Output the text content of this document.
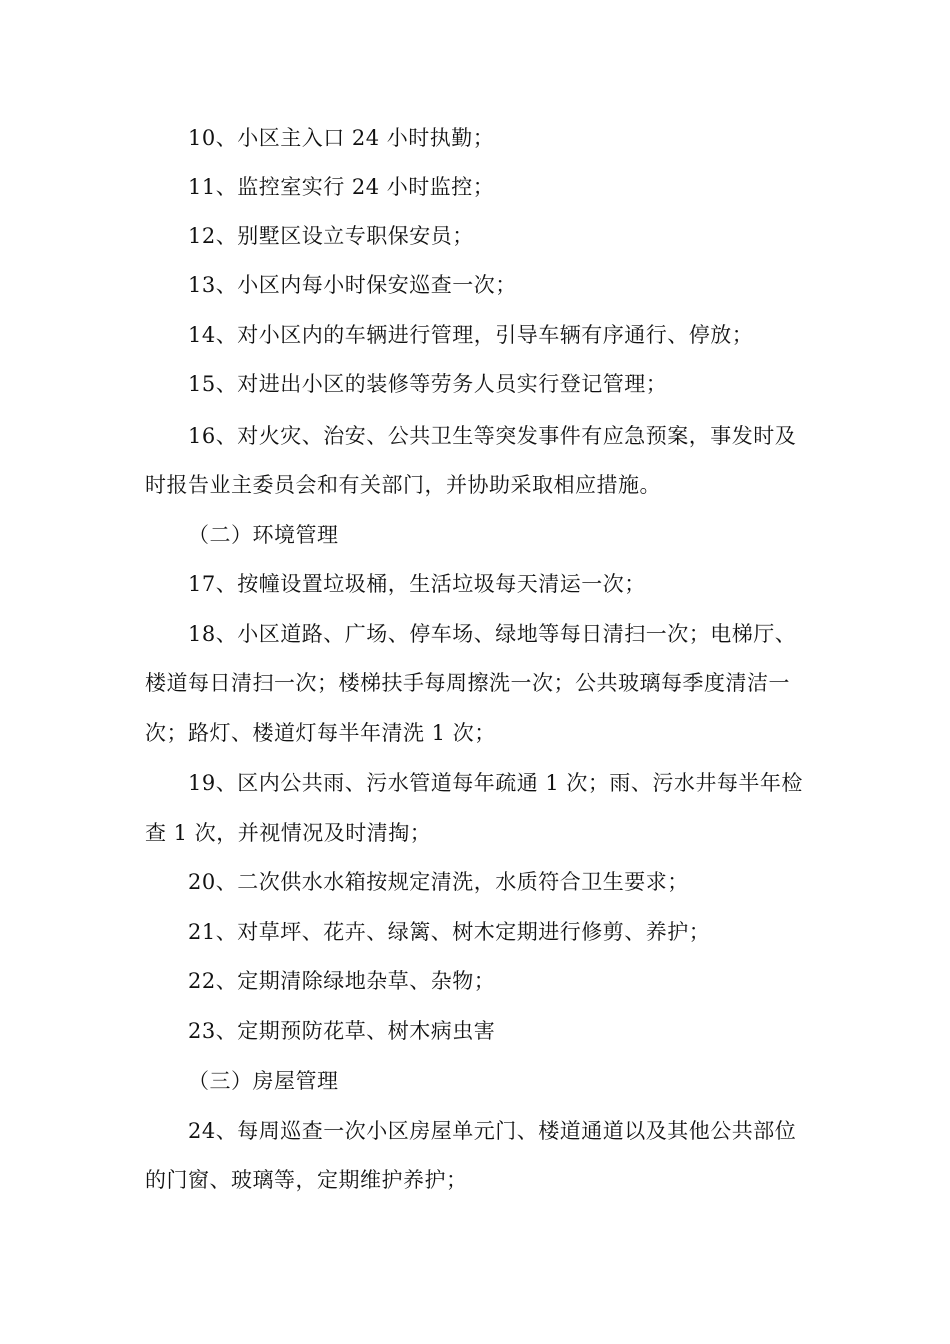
10、小区主入口 24 小时执勤；
11、监控室实行 24 小时监控；
12、别墅区设立专职保安员；
13、小区内每小时保安巡查一次；
14、对小区内的车辆进行管理，引导车辆有序通行、停放；
15、对进出小区的装修等劳务人员实行登记管理；
16、对火灾、治安、公共卫生等突发事件有应急预案，事发时及
时报告业主委员会和有关部门，并协助采取相应措施。
（二）环境管理
17、按幢设置垃圾桶，生活垃圾每天清运一次；
18、小区道路、广场、停车场、绿地等每日清扫一次；电梯厅、
楼道每日清扫一次；楼梯扶手每周擦洗一次；公共玻璃每季度清洁一
次；路灯、楼道灯每半年清洗 1 次；
19、区内公共雨、污水管道每年疏通 1 次；雨、污水井每半年检
查 1 次，并视情况及时清掏；
20、二次供水水箱按规定清洗，水质符合卫生要求；
21、对草坪、花卉、绿篱、树木定期进行修剪、养护；
22、定期清除绿地杂草、杂物；
23、定期预防花草、树木病虫害
（三）房屋管理
24、每周巡查一次小区房屋单元门、楼道通道以及其他公共部位
的门窗、玻璃等，定期维护养护；
